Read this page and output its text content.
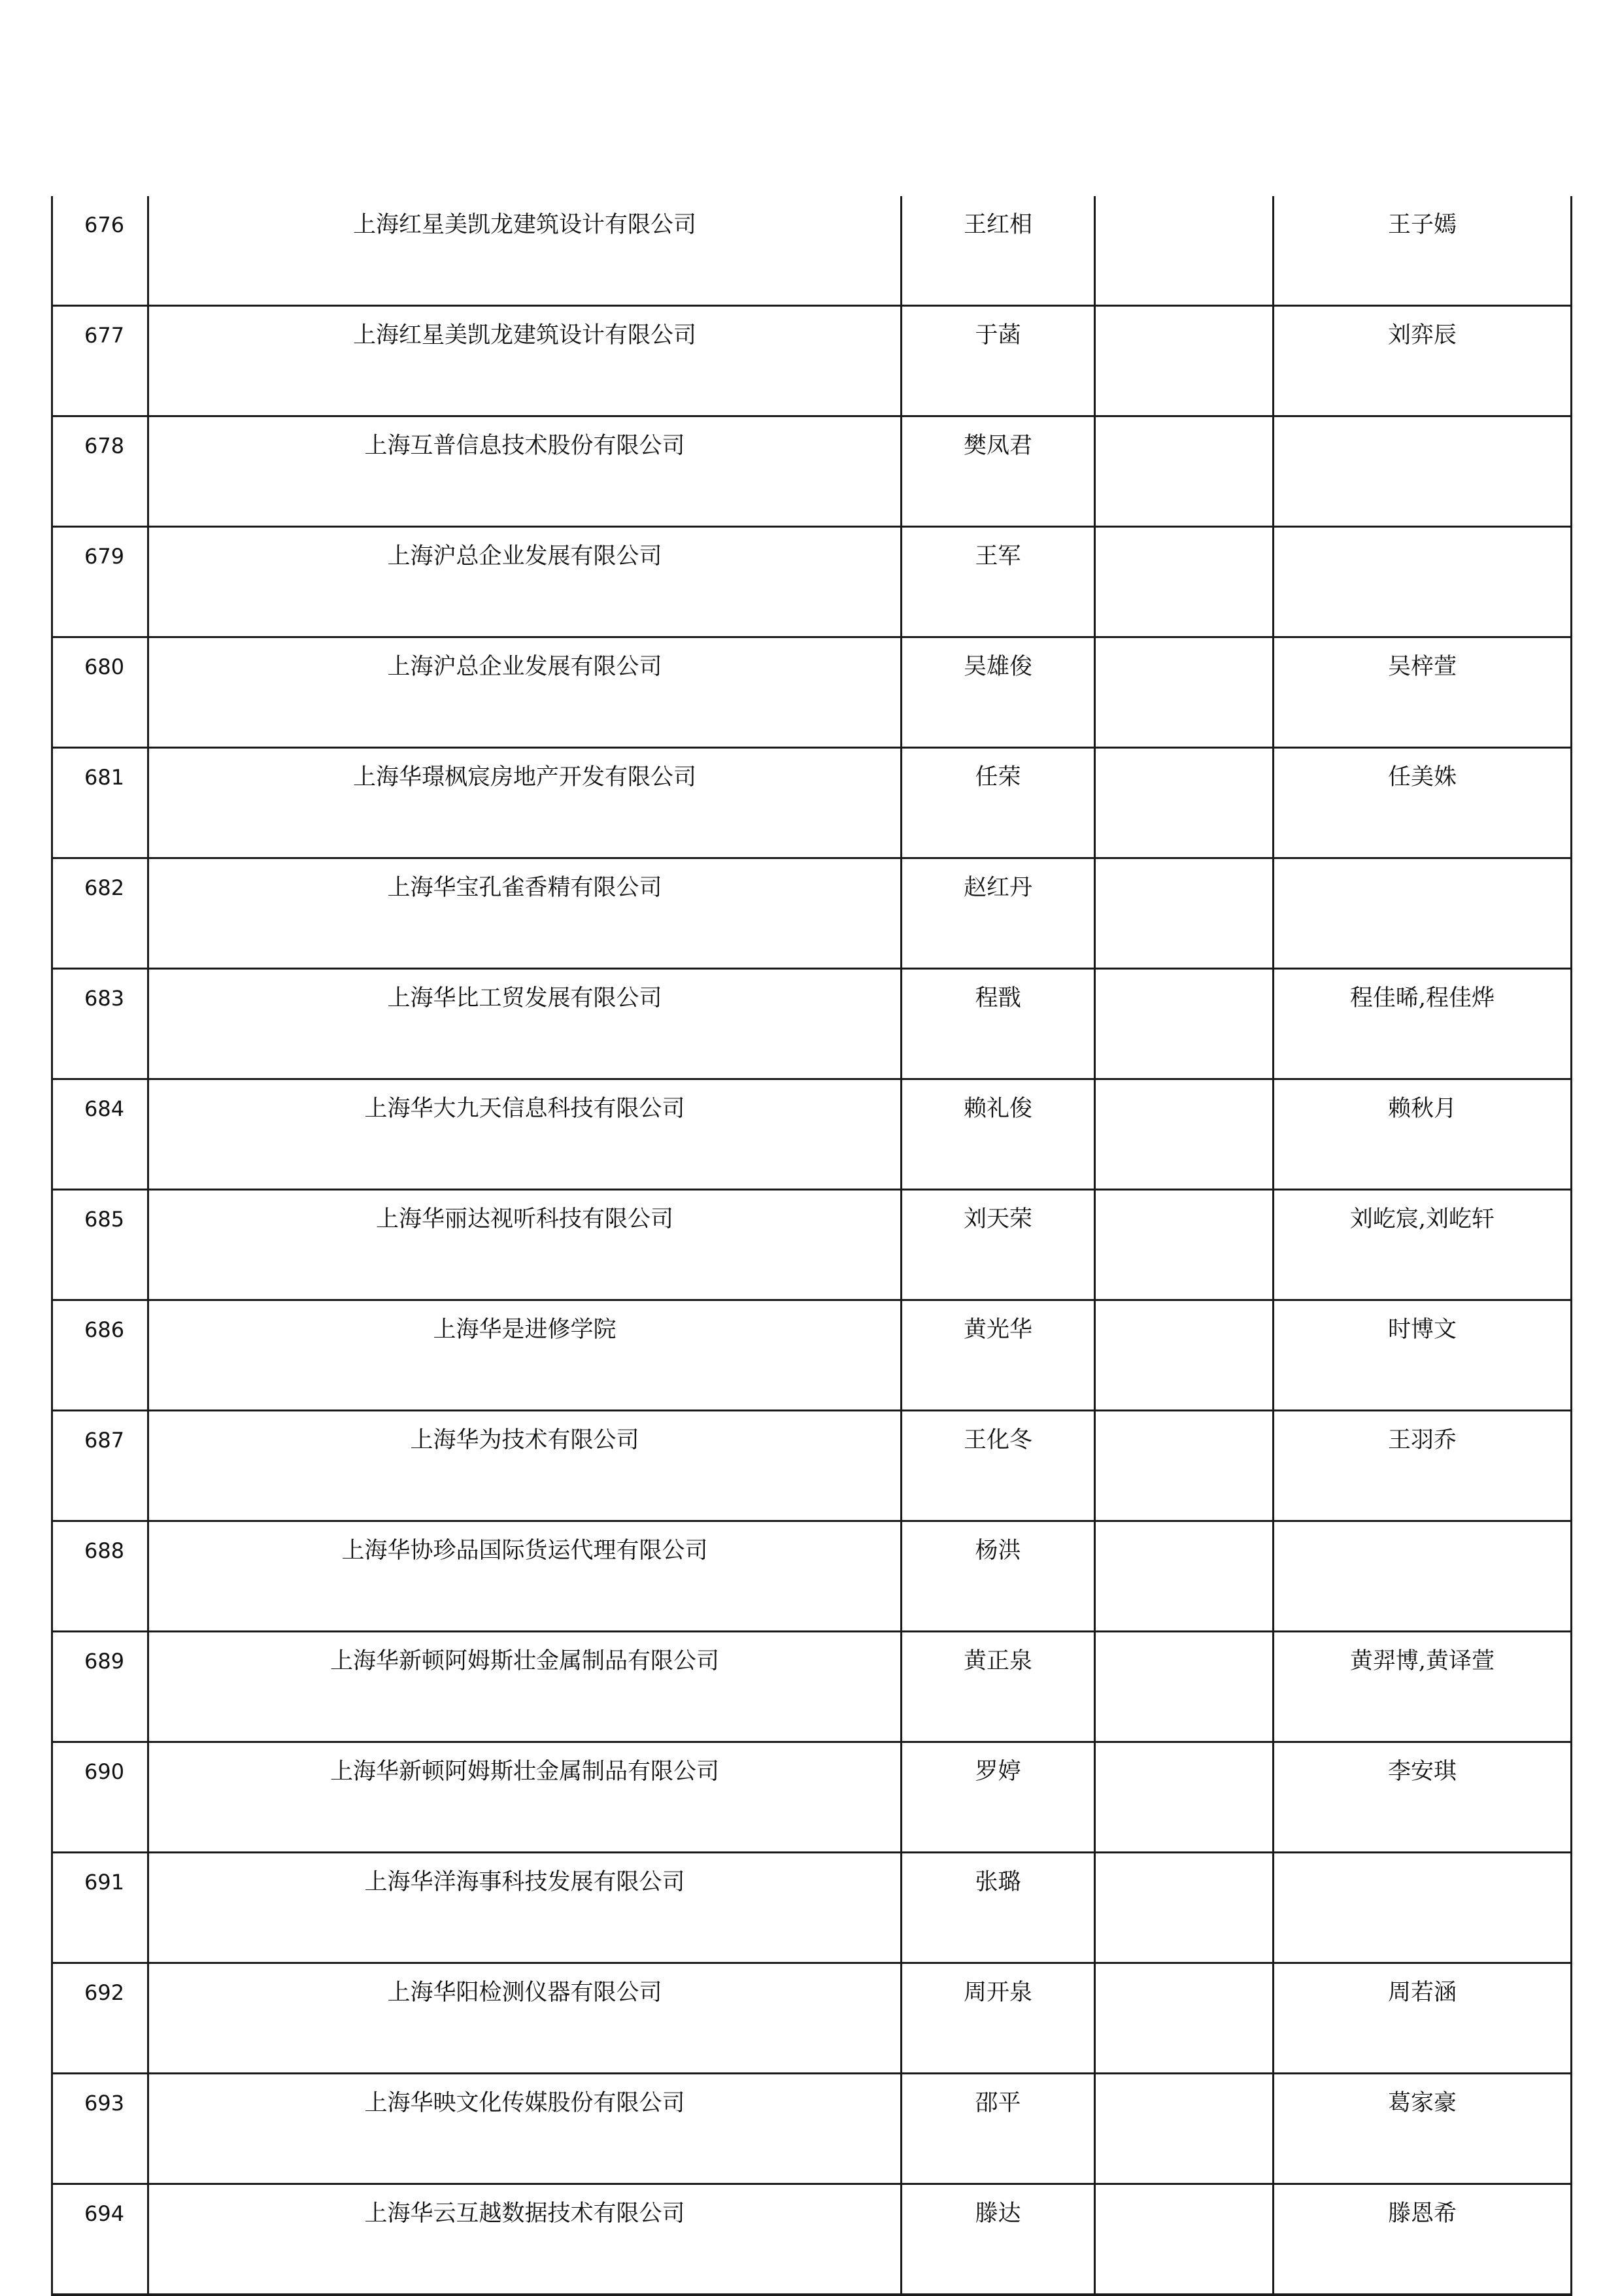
676	上海红星美凯龙建筑设计有限公司	王红相		王子嫣
677	上海红星美凯龙建筑设计有限公司	于菡		刘弈辰
678	上海互普信息技术股份有限公司	樊凤君		
679	上海沪总企业发展有限公司	王军		
680	上海沪总企业发展有限公司	吴雄俊		吴梓萱
681	上海华璟枫宸房地产开发有限公司	任荣		任美姝
682	上海华宝孔雀香精有限公司	赵红丹		
683	上海华比工贸发展有限公司	程戬		程佳晞,程佳烨
684	上海华大九天信息科技有限公司	赖礼俊		赖秋月
685	上海华丽达视听科技有限公司	刘天荣		刘屹宸,刘屹轩
686	上海华是进修学院	黄光华		时博文
687	上海华为技术有限公司	王化冬		王羽乔
688	上海华协珍品国际货运代理有限公司	杨洪		
689	上海华新顿阿姆斯壮金属制品有限公司	黄正泉		黄羿博,黄译萱
690	上海华新顿阿姆斯壮金属制品有限公司	罗婷		李安琪
691	上海华洋海事科技发展有限公司	张璐		
692	上海华阳检测仪器有限公司	周开泉		周若涵
693	上海华映文化传媒股份有限公司	邵平		葛家豪
694	上海华云互越数据技术有限公司	滕达		滕恩希
